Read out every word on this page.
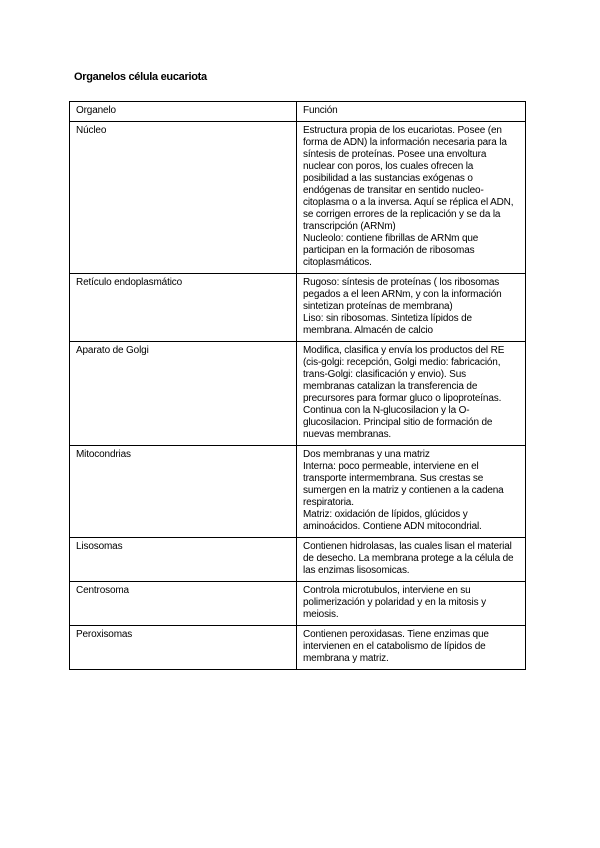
Organelos célula eucariota
Organelo	Función
Núcleo	Estructura propia de los eucariotas. Posee (en forma de ADN) la información necesaria para la síntesis de proteínas. Posee una envoltura nuclear con poros, los cuales ofrecen la posibilidad a las sustancias exógenas o endógenas de transitar en sentido nucleo-citoplasma o a la inversa. Aquí se réplica el ADN, se corrigen errores de la replicación y se da la transcripción (ARNm)
Nucleolo: contiene fibrillas de ARNm que participan en la formación de ribosomas citoplasmáticos.

Retículo endoplasmático	Rugoso: síntesis de proteínas ( los ribosomas pegados a el leen ARNm, y con la información sintetizan proteínas de membrana)
Liso: sin ribosomas. Sintetiza lípidos de membrana. Almacén de calcio

Aparato de Golgi	Modifica, clasifica y envía los productos del RE (cis-golgi: recepción, Golgi medio: fabricación, trans-Golgi: clasificación y envio). Sus membranas catalizan la transferencia de precursores para formar gluco o lipoproteínas. Continua con la N-glucosilacion y la O-glucosilacion. Principal sitio de formación de nuevas membranas.

Mitocondrias	Dos membranas y una matriz
Interna: poco permeable, interviene en el transporte intermembrana. Sus crestas se sumergen en la matriz y contienen a la cadena respiratoria.
Matriz: oxidación de lípidos, glúcidos y aminoácidos. Contiene ADN mitocondrial.

Lisosomas	Contienen hidrolasas, las cuales lisan el material de desecho. La membrana protege a la célula de las enzimas lisosomicas.

Centrosoma	Controla microtubulos, interviene en su polimerización y polaridad y en la mitosis y meiosis.

Peroxisomas	Contienen peroxidasas. Tiene enzimas que intervienen en el catabolismo de lípidos de membrana y matriz.
